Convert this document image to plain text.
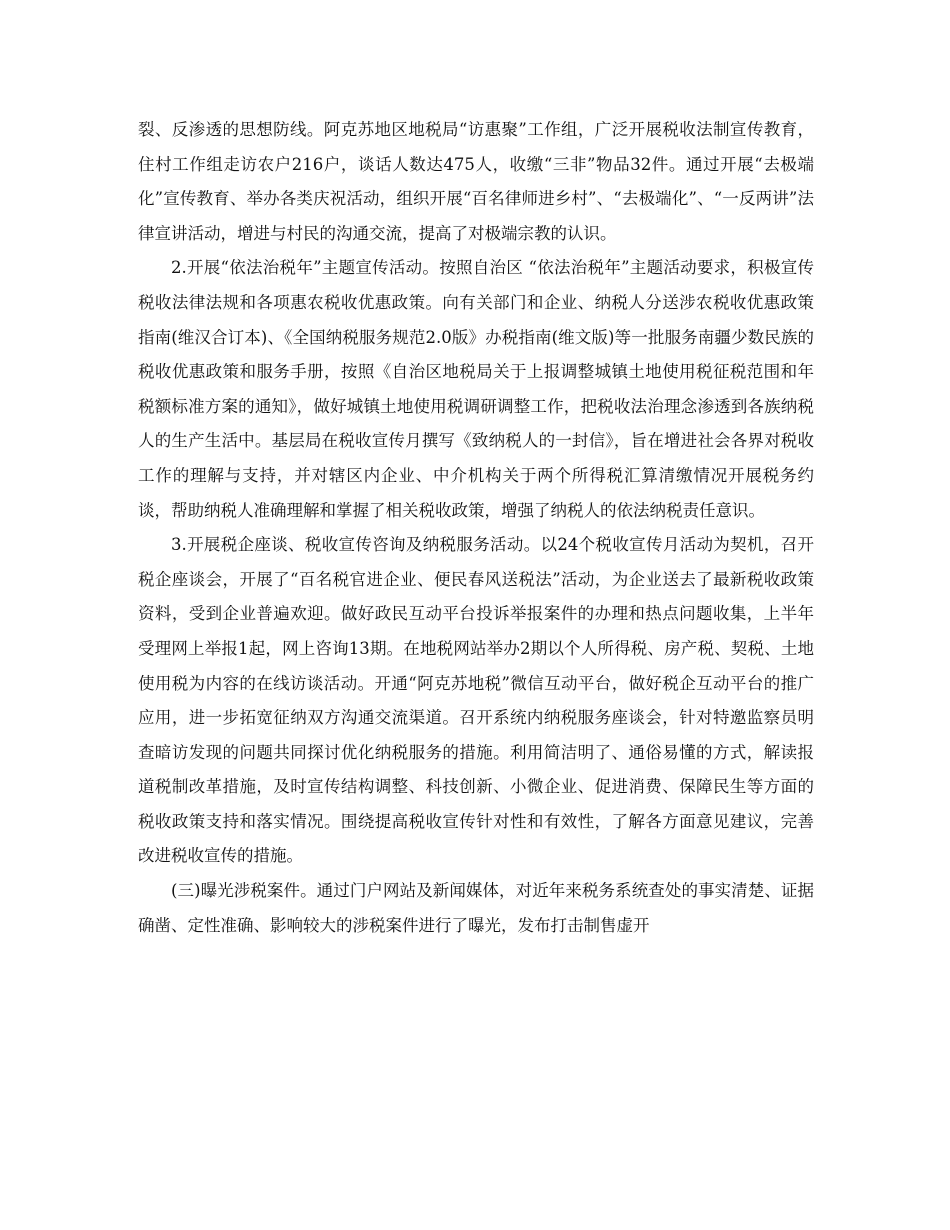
裂、反渗透的思想防线。阿克苏地区地税局“访惠聚”工作组，广泛开展税收法制宣传教育，住村工作组走访农户216户，谈话人数达475人，收缴“三非”物品32件。通过开展“去极端化”宣传教育、举办各类庆祝活动，组织开展“百名律师进乡村”、“去极端化”、“一反两讲”法律宣讲活动，增进与村民的沟通交流，提高了对极端宗教的认识。

2.开展“依法治税年”主题宣传活动。按照自治区 “依法治税年”主题活动要求，积极宣传税收法律法规和各项惠农税收优惠政策。向有关部门和企业、纳税人分送涉农税收优惠政策指南(维汉合订本)、《全国纳税服务规范2.0版》办税指南(维文版)等一批服务南疆少数民族的税收优惠政策和服务手册，按照《自治区地税局关于上报调整城镇土地使用税征税范围和年税额标准方案的通知》，做好城镇土地使用税调研调整工作，把税收法治理念渗透到各族纳税人的生产生活中。基层局在税收宣传月撰写《致纳税人的一封信》，旨在增进社会各界对税收工作的理解与支持，并对辖区内企业、中介机构关于两个所得税汇算清缴情况开展税务约谈，帮助纳税人准确理解和掌握了相关税收政策，增强了纳税人的依法纳税责任意识。

3.开展税企座谈、税收宣传咨询及纳税服务活动。以24个税收宣传月活动为契机，召开税企座谈会，开展了“百名税官进企业、便民春风送税法”活动，为企业送去了最新税收政策资料，受到企业普遍欢迎。做好政民互动平台投诉举报案件的办理和热点问题收集，上半年受理网上举报1起，网上咨询13期。在地税网站举办2期以个人所得税、房产税、契税、土地使用税为内容的在线访谈活动。开通“阿克苏地税”微信互动平台，做好税企互动平台的推广应用，进一步拓宽征纳双方沟通交流渠道。召开系统内纳税服务座谈会，针对特邀监察员明查暗访发现的问题共同探讨优化纳税服务的措施。利用简洁明了、通俗易懂的方式，解读报道税制改革措施，及时宣传结构调整、科技创新、小微企业、促进消费、保障民生等方面的税收政策支持和落实情况。围绕提高税收宣传针对性和有效性，了解各方面意见建议，完善改进税收宣传的措施。

(三)曝光涉税案件。通过门户网站及新闻媒体，对近年来税务系统查处的事实清楚、证据确凿、定性准确、影响较大的涉税案件进行了曝光，发布打击制售虚开
